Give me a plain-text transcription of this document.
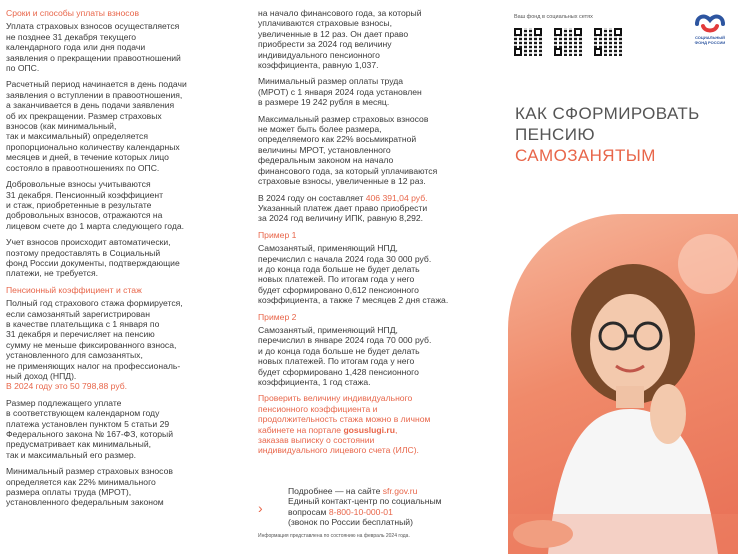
Сроки и способы уплаты взносов
Уплата страховых взносов осуществляется
не позднее 31 декабря текущего
календарного года или дня подачи
заявления о прекращении правоотношений
по ОПС.
Расчетный период начинается в день подачи
заявления о вступлении в правоотношения,
а заканчивается в день подачи заявления
об их прекращении. Размер страховых
взносов (как минимальный,
так и максимальный) определяется
пропорционально количеству календарных
месяцев и дней, в течение которых лицо
состояло в правоотношениях по ОПС.
Добровольные взносы учитываются
31 декабря. Пенсионный коэффициент
и стаж, приобретенные в результате
добровольных взносов, отражаются на
лицевом счете до 1 марта следующего года.
Учет взносов происходит автоматически,
поэтому предоставлять в Социальный
фонд России документы, подтверждающие
платежи, не требуется.
Пенсионный коэффициент и стаж
Полный год страхового стажа формируется,
если самозанятый зарегистрирован
в качестве плательщика с 1 января по
31 декабря и перечисляет на пенсию
сумму не меньше фиксированного взноса,
установленного для самозанятых,
не применяющих налог на профессиональ-
ный доход (НПД).
В 2024 году это 50 798,88 руб.
Размер подлежащего уплате
в соответствующем календарном году
платежа установлен пунктом 5 статьи 29
Федерального закона № 167-ФЗ, который
предусматривает как минимальный,
так и максимальный его размер.
Минимальный размер страховых взносов
определяется как 22% минимального
размера оплаты труда (МРОТ),
установленного федеральным законом
на начало финансового года, за который
уплачиваются страховые взносы,
увеличенные в 12 раз. Он дает право
приобрести за 2024 год величину
индивидуального пенсионного
коэффициента, равную 1,037.
Минимальный размер оплаты труда
(МРОТ) с 1 января 2024 года установлен
в размере 19 242 рубля в месяц.
Максимальный размер страховых взносов
не может быть более размера,
определяемого как 22% восьмикратной
величины МРОТ, установленного
федеральным законом на начало
финансового года, за который уплачиваются
страховые взносы, увеличенные в 12 раз.
В 2024 году он составляет 406 391,04 руб.
Указанный платеж дает право приобрести
за 2024 год величину ИПК, равную 8,292.
Пример 1
Самозанятый, применяющий НПД,
перечислил с начала 2024 года 30 000 руб.
и до конца года больше не будет делать
новых платежей. По итогам года у него
будет сформировано 0,612 пенсионного
коэффициента, а также 7 месяцев 2 дня стажа.
Пример 2
Самозанятый, применяющий НПД,
перечислил в январе 2024 года 70 000 руб.
и до конца года больше не будет делать
новых платежей. По итогам года у него
будет сформировано 1,428 пенсионного
коэффициента, 1 год стажа.
Проверить величину индивидуального
пенсионного коэффициента и
продолжительность стажа можно в личном
кабинете на портале gosuslugi.ru,
заказав выписку о состоянии
индивидуального лицевого счета (ИЛС).
›
Подробнее — на сайте sfr.gov.ru
Единый контакт-центр по социальным
вопросам 8-800-10-000-01
(звонок по России бесплатный)
Информация представлена по состоянию на февраль 2024 года.
Ваш фонд в социальных сетях
СОЦИАЛЬНЫЙ
ФОНД РОССИИ
КАК СФОРМИРОВАТЬ
ПЕНСИЮ
САМОЗАНЯТЫМ
